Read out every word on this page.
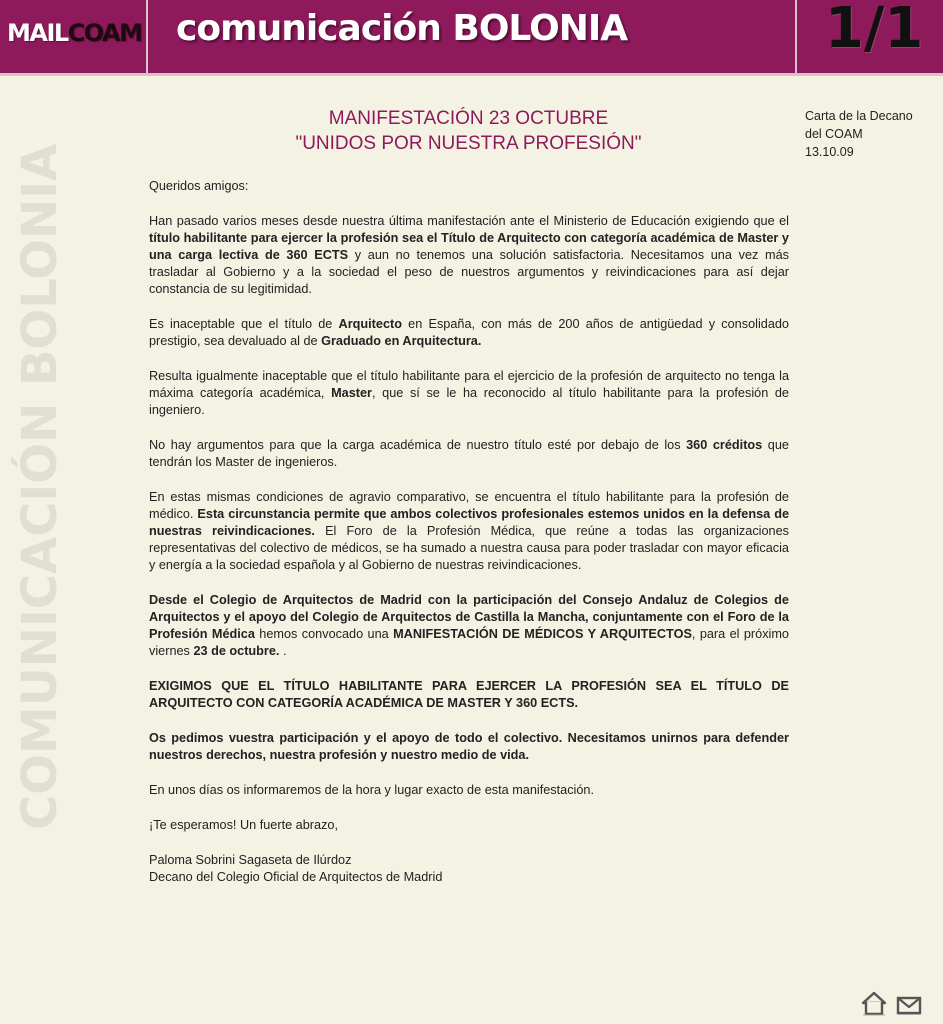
MAILCOAM comunicación BOLONIA	1/1
COMUNICACIÓN BOLONIA
Carta de la Decano
del COAM
13.10.09
MANIFESTACIÓN 23 OCTUBRE
"UNIDOS POR NUESTRA PROFESIÓN"

Queridos amigos:

Han pasado varios meses desde nuestra última manifestación ante el Ministerio de Educación exigiendo que el título habilitante para ejercer la profesión sea el Título de Arquitecto con categoría académica de Master y una carga lectiva de 360 ECTS y aun no tenemos una solución satisfactoria. Necesitamos una vez más trasladar al Gobierno y a la sociedad el peso de nuestros argumentos y reivindicaciones para así dejar constancia de su legitimidad.

Es inaceptable que el título de Arquitecto en España, con más de 200 años de antigüedad y consolidado prestigio, sea devaluado al de Graduado en Arquitectura.

Resulta igualmente inaceptable que el título habilitante para el ejercicio de la profesión de arquitecto no tenga la máxima categoría académica, Master, que sí se le ha reconocido al título habilitante para la profesión de ingeniero.

No hay argumentos para que la carga académica de nuestro título esté por debajo de los 360 créditos que tendrán los Master de ingenieros.

En estas mismas condiciones de agravio comparativo, se encuentra el título habilitante para la profesión de médico. Esta circunstancia permite que ambos colectivos profesionales estemos unidos en la defensa de nuestras reivindicaciones. El Foro de la Profesión Médica, que reúne a todas las organizaciones representativas del colectivo de médicos, se ha sumado a nuestra causa para poder trasladar con mayor eficacia y energía a la sociedad española y al Gobierno de nuestras reivindicaciones.

Desde el Colegio de Arquitectos de Madrid con la participación del Consejo Andaluz de Colegios de Arquitectos y el apoyo del Colegio de Arquitectos de Castilla la Mancha, conjuntamente con el Foro de la Profesión Médica hemos convocado una MANIFESTACIÓN DE MÉDICOS Y ARQUITECTOS, para el próximo viernes 23 de octubre. .

EXIGIMOS QUE EL TÍTULO HABILITANTE PARA EJERCER LA PROFESIÓN SEA EL TÍTULO DE ARQUITECTO CON CATEGORÍA ACADÉMICA DE MASTER Y 360 ECTS.

Os pedimos vuestra participación y el apoyo de todo el colectivo. Necesitamos unirnos para defender nuestros derechos, nuestra profesión y nuestro medio de vida.

En unos días os informaremos de la hora y lugar exacto de esta manifestación.

¡Te esperamos! Un fuerte abrazo,

Paloma Sobrini Sagaseta de Ilúrdoz
Decano del Colegio Oficial de Arquitectos de Madrid
